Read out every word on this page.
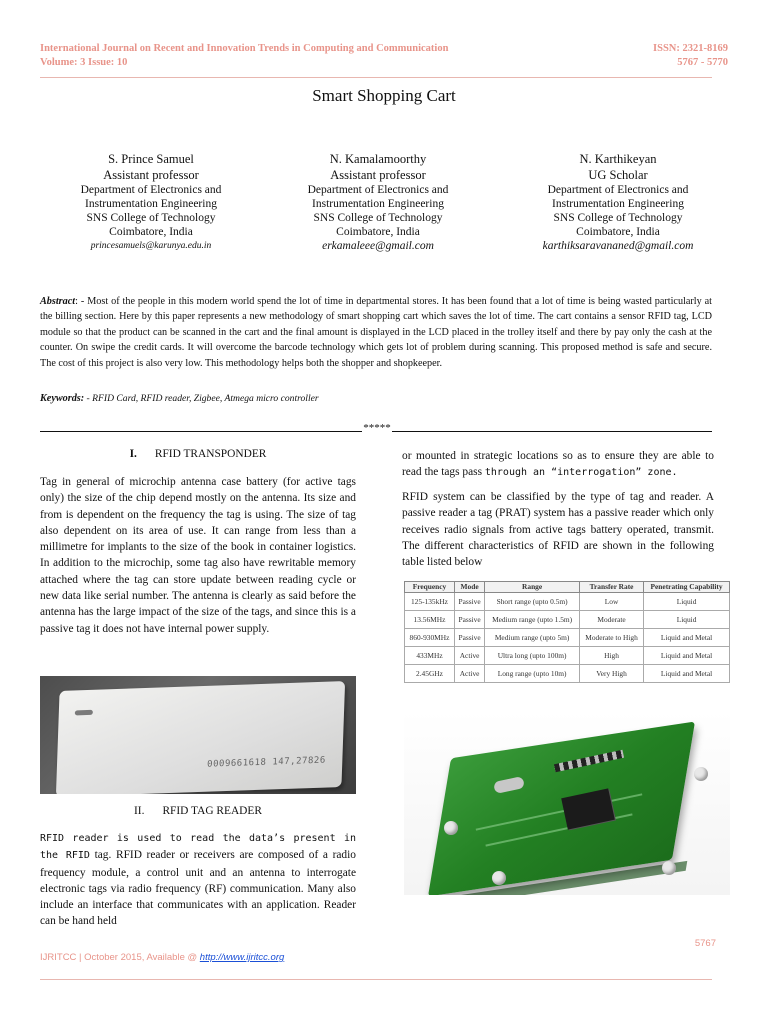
International Journal on Recent and Innovation Trends in Computing and Communication
Volume: 3 Issue: 10
ISSN: 2321-8169
5767 - 5770
Smart Shopping Cart
S. Prince Samuel
Assistant professor
Department of Electronics and
Instrumentation Engineering
SNS College of Technology
Coimbatore, India
princesamuels@karunya.edu.in
N. Kamalamoorthy
Assistant professor
Department of Electronics and
Instrumentation Engineering
SNS College of Technology
Coimbatore, India
erkamaleee@gmail.com
N. Karthikeyan
UG Scholar
Department of Electronics and
Instrumentation Engineering
SNS College of Technology
Coimbatore, India
karthiksaravananed@gmail.com
Abstract: - Most of the people in this modern world spend the lot of time in departmental stores. It has been found that a lot of time is being wasted particularly at the billing section. Here by this paper represents a new methodology of smart shopping cart which saves the lot of time. The cart contains a sensor RFID tag, LCD module so that the product can be scanned in the cart and the final amount is displayed in the LCD placed in the trolley itself and there by pay only the cash at the counter. On swipe the credit cards. It will overcome the barcode technology which gets lot of problem during scanning. This proposed method is safe and secure. The cost of this project is also very low. This methodology helps both the shopper and shopkeeper.
Keywords: - RFID Card, RFID reader, Zigbee, Atmega micro controller
*****
I. RFID TRANSPONDER
Tag in general of microchip antenna case battery (for active tags only) the size of the chip depend mostly on the antenna. Its size and from is dependent on the frequency the tag is using. The size of tag also dependent on its area of use. It can range from less than a millimetre for implants to the size of the book in container logistics. In addition to the microchip, some tag also have rewritable memory attached where the tag can store update between reading cycle or new data like serial number. The antenna is clearly as said before the antenna has the large impact of the size of the tags, and since this is a passive tag it does not have internal power supply.
0009661618 147,27826
II. RFID TAG READER
RFID reader is used to read the data’s present in the RFID tag. RFID reader or receivers are composed of a radio frequency module, a control unit and an antenna to interrogate electronic tags via radio frequency (RF) communication. Many also include an interface that communicates with an application. Reader can be hand held
or mounted in strategic locations so as to ensure they are able to read the tags pass through an “interrogation” zone.
RFID system can be classified by the type of tag and reader. A passive reader a tag (PRAT) system has a passive reader which only receives radio signals from active tags battery operated, transmit. The different characteristics of RFID are shown in the following table listed below
Frequency	Mode	Range	Transfer Rate	Penetrating Capability
125-135kHz	Passive	Short range (upto 0.5m)	Low	Liquid
13.56MHz	Passive	Medium range (upto 1.5m)	Moderate	Liquid
860-930MHz	Passive	Medium range (upto 5m)	Moderate to High	Liquid and Metal
433MHz	Active	Ultra long (upto 100m)	High	Liquid and Metal
2.45GHz	Active	Long range (upto 10m)	Very High	Liquid and Metal
5767
IJRITCC | October 2015, Available @ http://www.ijritcc.org
